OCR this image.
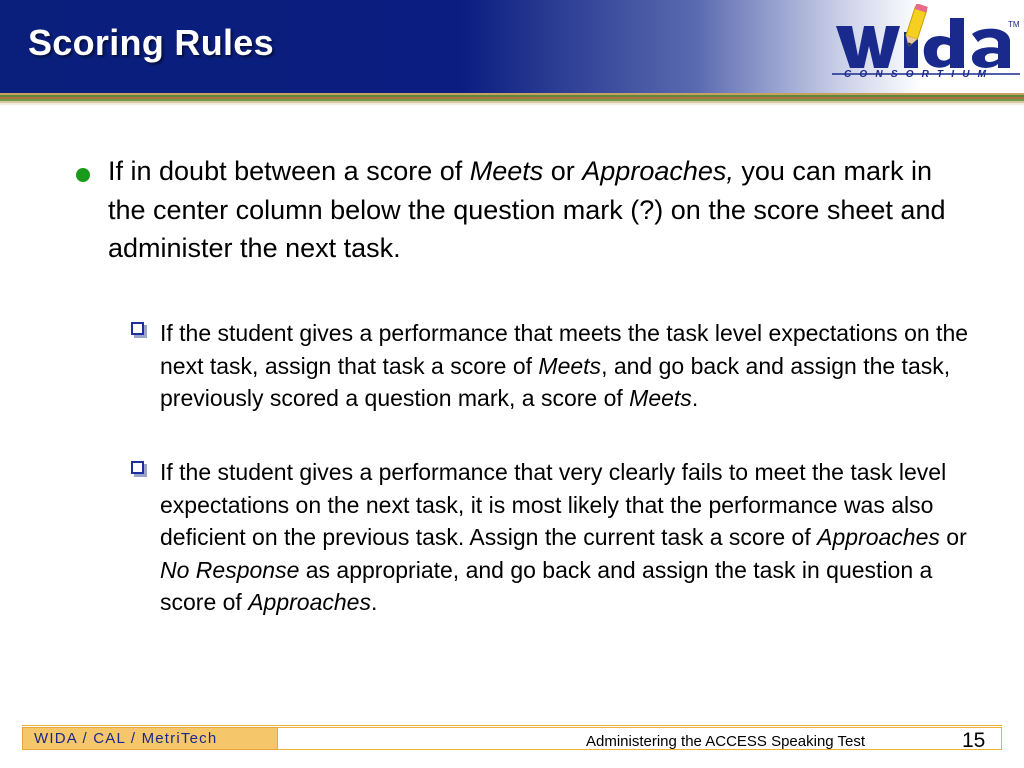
Scoring Rules
CONSORTIUM
TM
If in doubt between a score of Meets or Approaches, you can mark in the center column below the question mark (?) on the score sheet and administer the next task.
If the student gives a performance that meets the task level expectations on the next task, assign that task a score of Meets, and go back and assign the task, previously scored a question mark, a score of Meets.
If the student gives a performance that very clearly fails to meet the task level expectations on the next task, it is most likely that the performance was also deficient on the previous task. Assign the current task a score of Approaches or No Response as appropriate, and go back and assign the task in question a score of Approaches.
WIDA / CAL / MetriTech	Administering the ACCESS Speaking Test	15
